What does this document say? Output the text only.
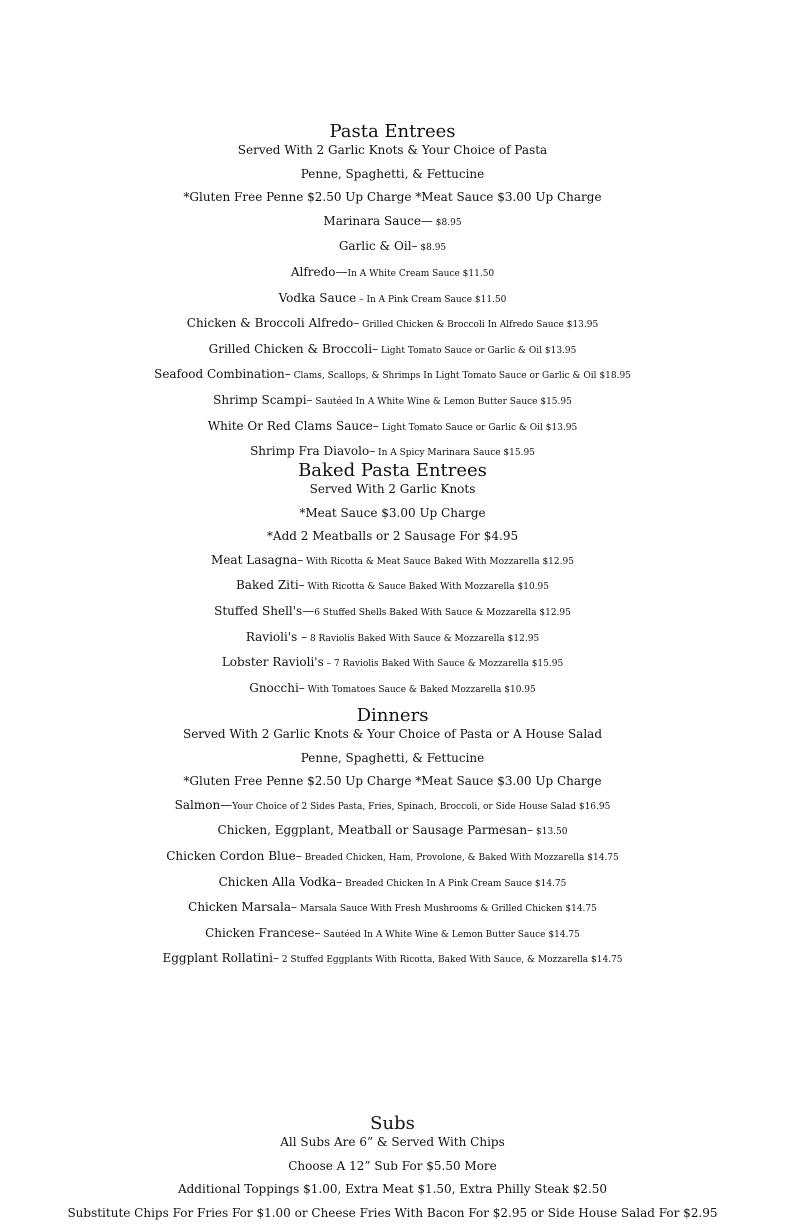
Pasta Entrees
Served With 2 Garlic Knots & Your Choice of Pasta
Penne, Spaghetti, & Fettucine
*Gluten Free Penne $2.50 Up Charge *Meat Sauce $3.00 Up Charge
Marinara Sauce— $8.95
Garlic & Oil– $8.95
Alfredo—In A White Cream Sauce $11.50
Vodka Sauce – In A Pink Cream Sauce $11.50
Chicken & Broccoli Alfredo– Grilled Chicken & Broccoli In Alfredo Sauce $13.95
Grilled Chicken & Broccoli– Light Tomato Sauce or Garlic & Oil $13.95
Seafood Combination– Clams, Scallops, & Shrimps In Light Tomato Sauce or Garlic & Oil $18.95
Shrimp Scampi– Sautéed In A White Wine & Lemon Butter Sauce $15.95
White Or Red Clams Sauce– Light Tomato Sauce or Garlic & Oil $13.95
Shrimp Fra Diavolo– In A Spicy Marinara Sauce $15.95
Baked Pasta Entrees
Served With 2 Garlic Knots
*Meat Sauce $3.00 Up Charge
*Add 2 Meatballs or 2 Sausage For $4.95
Meat Lasagna– With Ricotta & Meat Sauce Baked With Mozzarella $12.95
Baked Ziti– With Ricotta & Sauce Baked With Mozzarella $10.95
Stuffed Shell's—6 Stuffed Shells Baked With Sauce & Mozzarella $12.95
Ravioli's – 8 Raviolis Baked With Sauce & Mozzarella $12.95
Lobster Ravioli's – 7 Raviolis Baked With Sauce & Mozzarella $15.95
Gnocchi– With Tomatoes Sauce & Baked Mozzarella $10.95
Dinners
Served With 2 Garlic Knots & Your Choice of Pasta or A House Salad
Penne, Spaghetti, & Fettucine
*Gluten Free Penne $2.50 Up Charge *Meat Sauce $3.00 Up Charge
Salmon—Your Choice of 2 Sides Pasta, Fries, Spinach, Broccoli, or Side House Salad $16.95
Chicken, Eggplant, Meatball or Sausage Parmesan– $13.50
Chicken Cordon Blue– Breaded Chicken, Ham, Provolone, & Baked With Mozzarella $14.75
Chicken Alla Vodka– Breaded Chicken In A Pink Cream Sauce $14.75
Chicken Marsala– Marsala Sauce With Fresh Mushrooms & Grilled Chicken $14.75
Chicken Francese– Sautéed In A White Wine & Lemon Butter Sauce $14.75
Eggplant Rollatini– 2 Stuffed Eggplants With Ricotta, Baked With Sauce, & Mozzarella $14.75
Subs
All Subs Are 6” & Served With Chips
Choose A 12” Sub For $5.50 More
Additional Toppings $1.00, Extra Meat $1.50, Extra Philly Steak $2.50
Substitute Chips For Fries For $1.00 or Cheese Fries With Bacon For $2.95 or Side House Salad For $2.95
